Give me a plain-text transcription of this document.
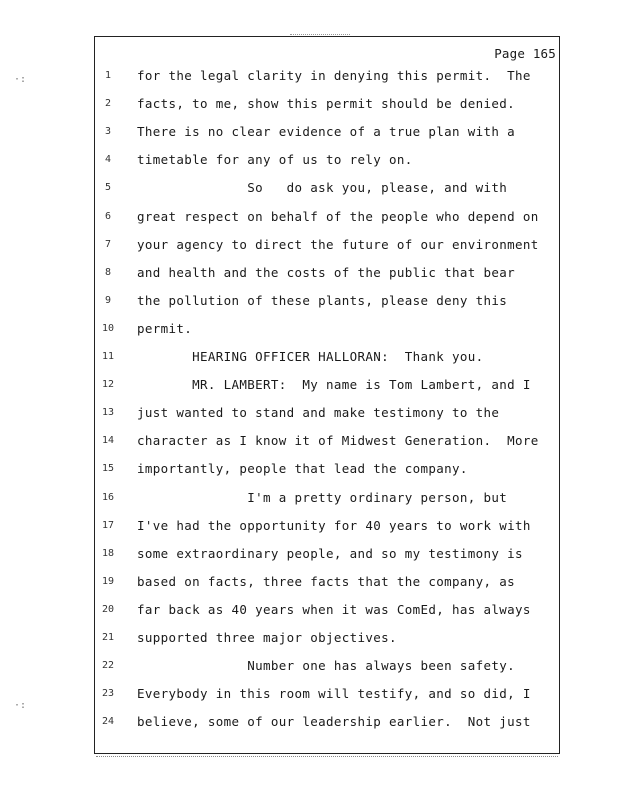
Page 165
1	for the legal clarity in denying this permit.  The
2	facts, to me, show this permit should be denied.
3	There is no clear evidence of a true plan with a
4	timetable for any of us to rely on.
5	So   do ask you, please, and with
6	great respect on behalf of the people who depend on
7	your agency to direct the future of our environment
8	and health and the costs of the public that bear
9	the pollution of these plants, please deny this
10 permit.
11 HEARING OFFICER HALLORAN:  Thank you.
12 MR. LAMBERT:  My name is Tom Lambert, and I
13 just wanted to stand and make testimony to the
14 character as I know it of Midwest Generation.  More
15 importantly, people that lead the company.
16 I'm a pretty ordinary person, but
17 I've had the opportunity for 40 years to work with
18 some extraordinary people, and so my testimony is
19 based on facts, three facts that the company, as
20 far back as 40 years when it was ComEd, has always
21 supported three major objectives.
22 Number one has always been safety.
23 Everybody in this room will testify, and so did, I
24 believe, some of our leadership earlier.  Not just
·:
·:
